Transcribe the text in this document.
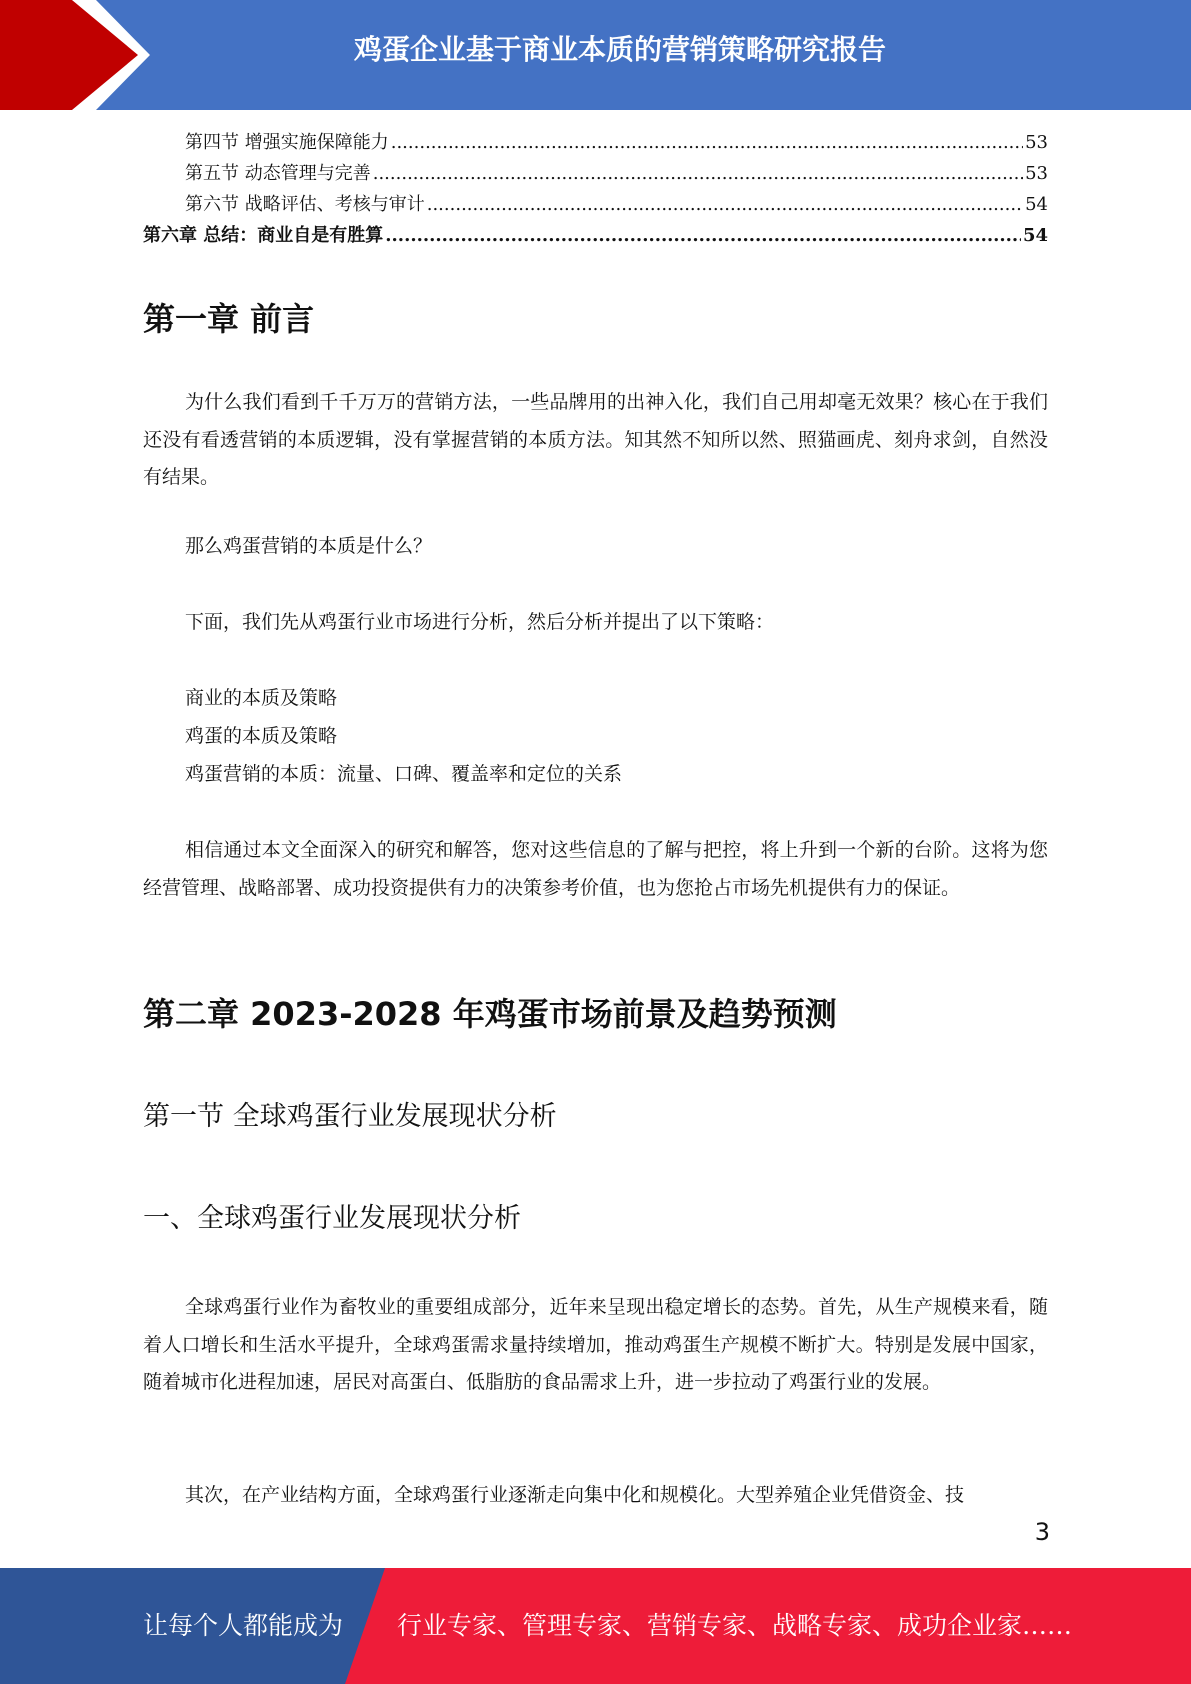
鸡蛋企业基于商业本质的营销策略研究报告
第四节 增强实施保障能力 .....	53
第五节 动态管理与完善 .....	53
第六节 战略评估、考核与审计 .....	54
第六章 总结：商业自是有胜算 .....	54
第一章 前言
为什么我们看到千千万万的营销方法，一些品牌用的出神入化，我们自己用却毫无效果？核心在于我们还没有看透营销的本质逻辑，没有掌握营销的本质方法。知其然不知所以然、照猫画虎、刻舟求剑，自然没有结果。
那么鸡蛋营销的本质是什么？
下面，我们先从鸡蛋行业市场进行分析，然后分析并提出了以下策略：
商业的本质及策略
鸡蛋的本质及策略
鸡蛋营销的本质：流量、口碑、覆盖率和定位的关系
相信通过本文全面深入的研究和解答，您对这些信息的了解与把控，将上升到一个新的台阶。这将为您经营管理、战略部署、成功投资提供有力的决策参考价值，也为您抢占市场先机提供有力的保证。
第二章 2023-2028 年鸡蛋市场前景及趋势预测
第一节 全球鸡蛋行业发展现状分析
一、全球鸡蛋行业发展现状分析
全球鸡蛋行业作为畜牧业的重要组成部分，近年来呈现出稳定增长的态势。首先，从生产规模来看，随着人口增长和生活水平提升，全球鸡蛋需求量持续增加，推动鸡蛋生产规模不断扩大。特别是发展中国家，随着城市化进程加速，居民对高蛋白、低脂肪的食品需求上升，进一步拉动了鸡蛋行业的发展。
其次，在产业结构方面，全球鸡蛋行业逐渐走向集中化和规模化。大型养殖企业凭借资金、技
3
让每个人都能成为 行业专家、管理专家、营销专家、战略专家、成功企业家……
